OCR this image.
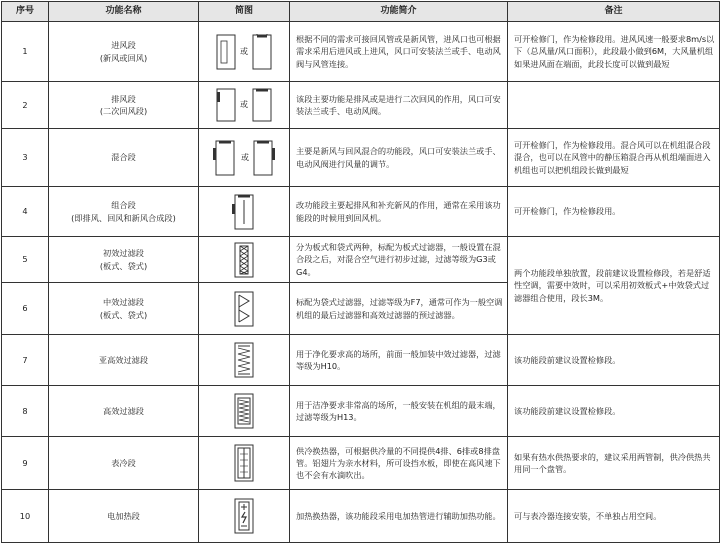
序号	功能名称	简图	功能简介	备注
1	进风段
(新风或回风)	或	根据不同的需求可接回风管或是新风管，进风口也可根据需求采用后进风或上进风，风口可安装法兰或手、电动风阀与风管连接。	可开检修门，作为检修段用。进风风速一般要求8m/s以下（总风量/风口面积），此段最小做到6M，大风量机组如果进风面在端面，此段长度可以做到最短
2	排风段
(二次回风段)	或	该段主要功能是排风或是进行二次回风的作用，风口可安装法兰或手、电动风阀。	
3	混合段	或	主要是新风与回风混合的功能段，风口可安装法兰或手、电动风阀进行风量的调节。	可开检修门，作为检修段用。混合风可以在机组混合段混合，也可以在风管中的静压箱混合再从机组端面进入机组也可以把机组段长做到最短
4	组合段
(即排风、回风和新风合成段)		改功能段主要起排风和补充新风的作用，通常在采用该功能段的时候用到回风机。	可开检修门，作为检修段用。
5	初效过滤段
(板式、袋式)		分为板式和袋式两种，标配为板式过滤器，一般设置在混合段之后，对混合空气进行初步过滤，过滤等级为G3或G4。	两个功能段单独放置，段前建议设置检修段，若是舒适性空调，需要中效时，可以采用初效板式+中效袋式过滤器组合使用，段长3M。
6	中效过滤段
(板式、袋式)		标配为袋式过滤器，过滤等级为F7，通常可作为一般空调机组的最后过滤器和高效过滤器的预过滤器。	
7	亚高效过滤段		用于净化要求高的场所，前面一般加装中效过滤器，过滤等级为H10。	该功能段前建议设置检修段。
8	高效过滤段		用于洁净要求非常高的场所，一般安装在机组的最末端，过滤等级为H13。	该功能段前建议设置检修段。
9	表冷段		供冷换热器，可根据供冷量的不同提供4排、6排或8排盘管。铝翅片为亲水材料，所可设挡水板，即使在高风速下也不会有水滴吹出。	如果有热水供热要求的，建议采用两管制，供冷供热共用同一个盘管。
10	电加热段		加热换热器，该功能段采用电加热管进行辅助加热功能。	可与表冷器连接安装，不单独占用空间。
